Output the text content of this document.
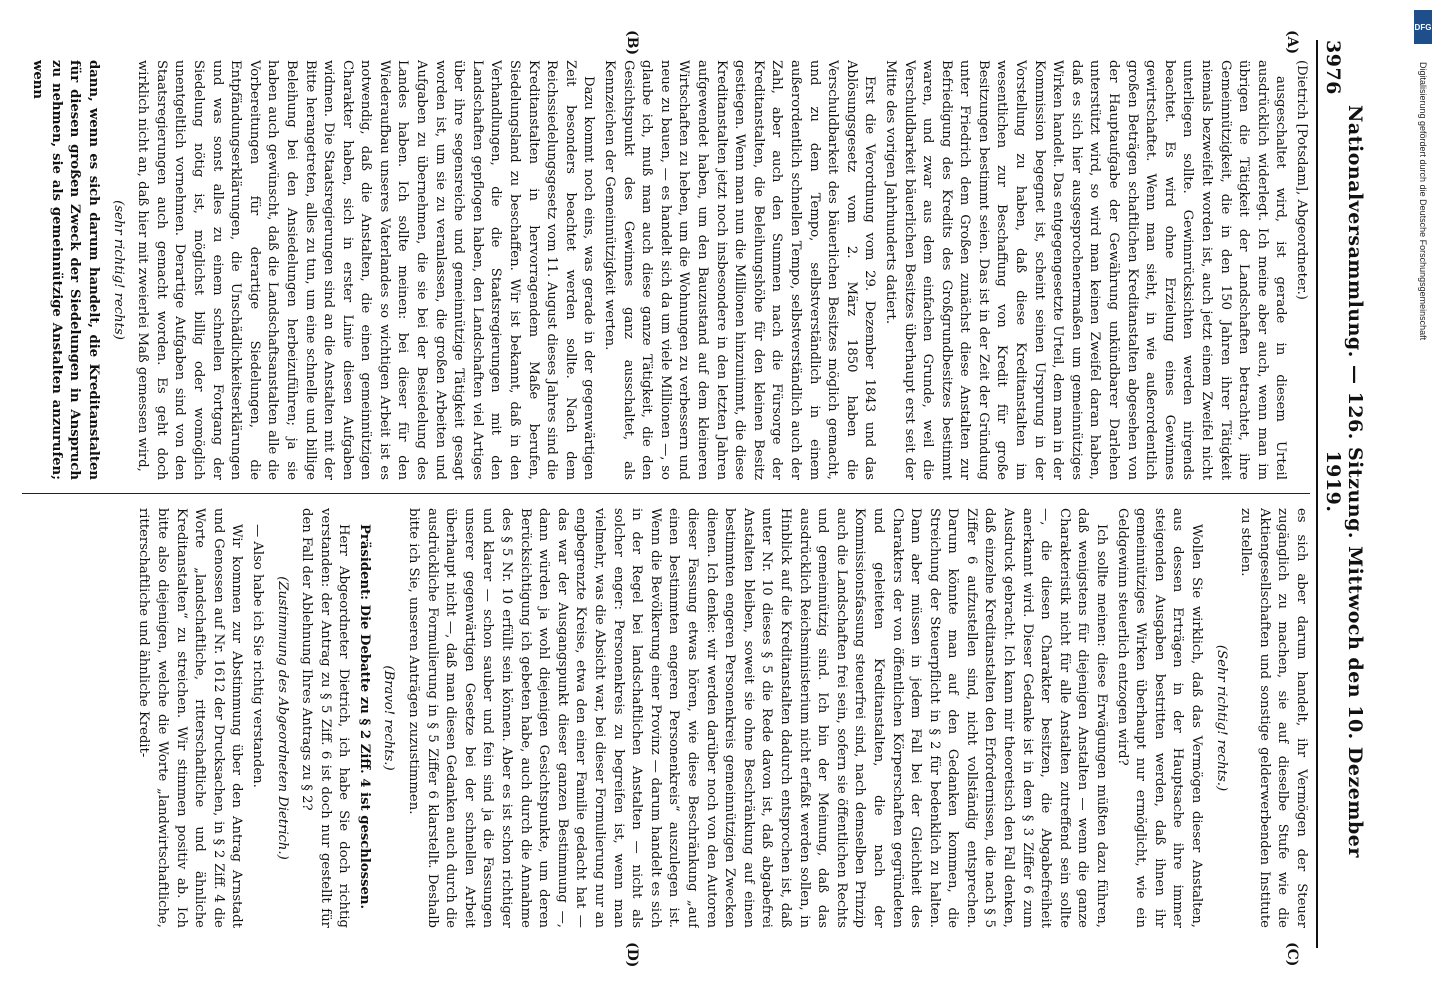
3976
Nationalversammlung. — 126. Sitzung. Mittwoch den 10. Dezember 1919.
(A)
(B)
(C)
(D)

(Dietrich [Potsdam], Abgeordneter.)

ausgeschaltet wird, ist gerade in diesem Urteil ausdrücklich widerlegt. Ich meine aber auch, wenn man im übrigen die Tätigkeit der Landschaften betrachtet, ihre Gemeinnützigkeit, die in den 150 Jahren ihrer Tätigkeit niemals bezweifelt worden ist, auch jetzt einem Zweifel nicht unterliegen sollte. Gewinnrücksichten werden nirgends beachtet. Es wird ohne Erzielung eines Gewinnes gewirtschaftet. Wenn man sieht, in wie außerordentlich großen Beträgen schaftlichen Kreditanstalten abgesehen von der Hauptaufgabe der Gewährung unkündbarer Darlehen unterstützt wird, so wird man keinen Zweifel daran haben, daß es sich hier ausgesprochenermaßen um gemeinnütziges Wirken handelt. Das entgegengesetzte Urteil, dem man in der Kommission begegnet ist, scheint seinen Ursprung in der Vorstellung zu haben, daß diese Kreditanstalten im wesentlichen zur Beschaffung von Kredit für große Besitzungen bestimmt seien. Das ist in der Zeit der Gründung unter Friedrich dem Großen zunächst diese Anstalten zur Befriedigung des Kredits des Großgrundbesitzes bestimmt waren, und zwar aus dem einfachen Grunde, weil die Verschuldbarkeit bäuerlichen Besitzes überhaupt erst seit der Mitte des vorigen Jahrhunderts datiert.

Erst die Verordnung vom 29. Dezember 1843 und das Ablösungsgesetz vom 2. März 1850 haben die Verschuldbarkeit des bäuerlichen Besitzes möglich gemacht, und zu dem Tempo, selbstverständlich in einem außerordentlich schnellen Tempo, selbstverständlich auch der Zahl, aber auch den Summen nach die Fürsorge der Kreditanstalten, die Beleihungshöhe für den kleinen Besitz gestiegen. Wenn man nun die Millionen hinzunimmt, die diese Kreditanstalten jetzt noch insbesondere in den letzten Jahren aufgewendet haben, um den Bauzustand auf dem kleineren Wirtschaften zu heben, um die Wohnungen zu verbessern und neue zu bauen, — es handelt sich da um viele Millionen —, so glaube ich, muß man auch diese ganze Tätigkeit, die den Gesichtspunkt des Gewinnes ganz ausschaltet, als Kennzeichen der Gemeinnützigkeit werten.

Dazu kommt noch eins, was gerade in der gegenwärtigen Zeit besonders beachtet werden sollte. Nach dem Reichssiedelungsgesetz vom 11. August dieses Jahres sind die Kreditanstalten in hervorragendem Maße berufen, Siedelungsland zu beschaffen. Wir ist bekannt, daß in den Verhandlungen, die die Staatsregierungen mit den Landschaften gepflogen haben, den Landschaften viel Artiges über ihre segensreiche und gemeinnützige Tätigkeit gesagt worden ist, um sie zu veranlassen, die großen Arbeiten und Aufgaben zu übernehmen, die sie bei der Besiedelung des Landes haben. Ich sollte meinen: bei dieser für den Wiederaufbau unseres Vaterlandes so wichtigen Arbeit ist es notwendig, daß die Anstalten, die einen gemeinnützigen Charakter haben, sich in erster Linie diesen Aufgaben widmen. Die Staatsregierungen sind an die Anstalten mit der Bitte herangetreten, alles zu tun, um eine schnelle und billige Beleihung bei den Ansiedelungen herbeizuführen; ja sie haben auch gewünscht, daß die Landschaftsanstalten alle die Vorbereitungen für derartige Siedelungen, die Entpfändungserklärungen, die Unschädlichkeitserklärungen und was sonst alles zu einem schnellen Fortgang der Siedelung nötig ist, möglichst billig oder womöglich unentgeltlich vornehmen. Derartige Aufgaben sind von den Staatsregierungen auch gemacht worden. Es geht doch wirklich nicht an, daß hier mit zweierlei Maß gemessen wird,

(sehr richtig! rechts)

dann, wenn es sich darum handelt, die Kreditanstalten für diesen großen Zweck der Siedelungen in Anspruch zu nehmen, sie als gemeinnützige Anstalten anzurufen; wenn

es sich aber darum handelt, ihr Vermögen der Steuer zugänglich zu machen, sie auf dieselbe Stufe wie die Aktiengesellschaften und sonstige gelderwerbenden Institute zu stellen.

(Sehr richtig! rechts.)

Wollen Sie wirklich, daß das Vermögen dieser Anstalten, aus dessen Erträgen in der Hauptsache ihre immer steigenden Ausgaben bestritten werden, daß ihnen ihr gemeinnütziges Wirken überhaupt nur ermöglicht, wie ein Geldgewinn steuerlich entzogen wird?

Ich sollte meinen: diese Erwägungen müßten dazu führen, daß wenigstens für diejenigen Anstalten — wenn die ganze Charakteristik nicht für alle Anstalten zutreffend sein sollte —, die diesen Charakter besitzen, die Abgabefreiheit anerkannt wird. Dieser Gedanke ist in dem § 3 Ziffer 6 zum Ausdruck gebracht. Ich kann mir theoretisch den Fall denken, daß einzelne Kreditanstalten den Erfordernissen, die nach § 5 Ziffer 6 aufzustellen sind, nicht vollständig entsprechen. Darum könnte man auf den Gedanken kommen, die Streichung der Steuerpflicht in § 2 für bedenklich zu halten. Dann aber müssen in jedem Fall bei der Gleichheit des Charakters der von öffentlichen Körperschaften gegründeten und geleiteten Kreditanstalten, die nach der Kommissionsfassung steuerfrei sind, nach demselben Prinzip auch die Landschaften frei sein, sofern sie öffentlichen Rechts und gemeinnützig sind. Ich bin der Meinung, daß das ausdrücklich Reichsministerium nicht erfaßt werden sollen, in Hinblick auf die Kreditanstalten dadurch entsprochen ist, daß unter Nr. 10 dieses § 5 die Rede davon ist, daß abgabefrei Anstalten bleiben, soweit sie ohne Beschränkung auf einen bestimmten engeren Personenkreis gemeinnützigen Zwecken dienen. Ich denke: wir werden darüber noch von den Autoren dieser Fassung etwas hören, wie diese Beschränkung „auf einen bestimmten engeren Personenkreis“ auszulegen ist. Wenn die Bevölkerung einer Provinz — darum handelt es sich in der Regel bei landschaftlichen Anstalten — nicht als solcher enger: Personenkreis zu begreifen ist, wenn man vielmehr, was die Absicht war, bei dieser Formulierung nur an engbegrenzte Kreise, etwa den einer Familie gedacht hat — das war der Ausgangspunkt dieser ganzen Bestimmung —, dann würden ja wohl diejenigen Gesichtspunkte, um deren Berücksichtigung ich gebeten habe, auch durch die Annahme des § 5 Nr. 10 erfüllt sein können. Aber es ist schon richtiger und klarer — schon sauber und fein sind ja die Fassungen unserer gegenwärtigen Gesetze bei der schnellen Arbeit überhaupt nicht —, daß man diesen Gedanken auch durch die ausdrückliche Formulierung in § 5 Ziffer 6 klarstellt. Deshalb bitte ich Sie, unseren Anträgen zuzustimmen.

(Bravo! rechts.)

Präsident: Die Debatte zu § 2 Ziff. 4 ist geschlossen.

Herr Abgeordneter Dietrich, ich habe Sie doch richtig verstanden: der Antrag zu § 5 Ziff. 6 ist doch nur gestellt für den Fall der Ablehnung Ihres Antrags zu § 2?

(Zustimmung des Abgeordneten Dietrich.)

— Also habe ich Sie richtig verstanden.

Wir kommen zur Abstimmung über den Antrag Arnstadt und Genossen auf Nr. 1612 der Drucksachen, in § 2 Ziff. 4 die Worte „landschaftliche, ritterschaftliche und ähnliche Kreditanstalten“ zu streichen. Wir stimmen positiv ab. Ich bitte also diejenigen, welche die Worte „landwirtschaftliche, ritterschaftliche und ähnliche Kredit-

DFG
Digitalisierung gefördert durch die Deutsche Forschungsgemeinschaft
